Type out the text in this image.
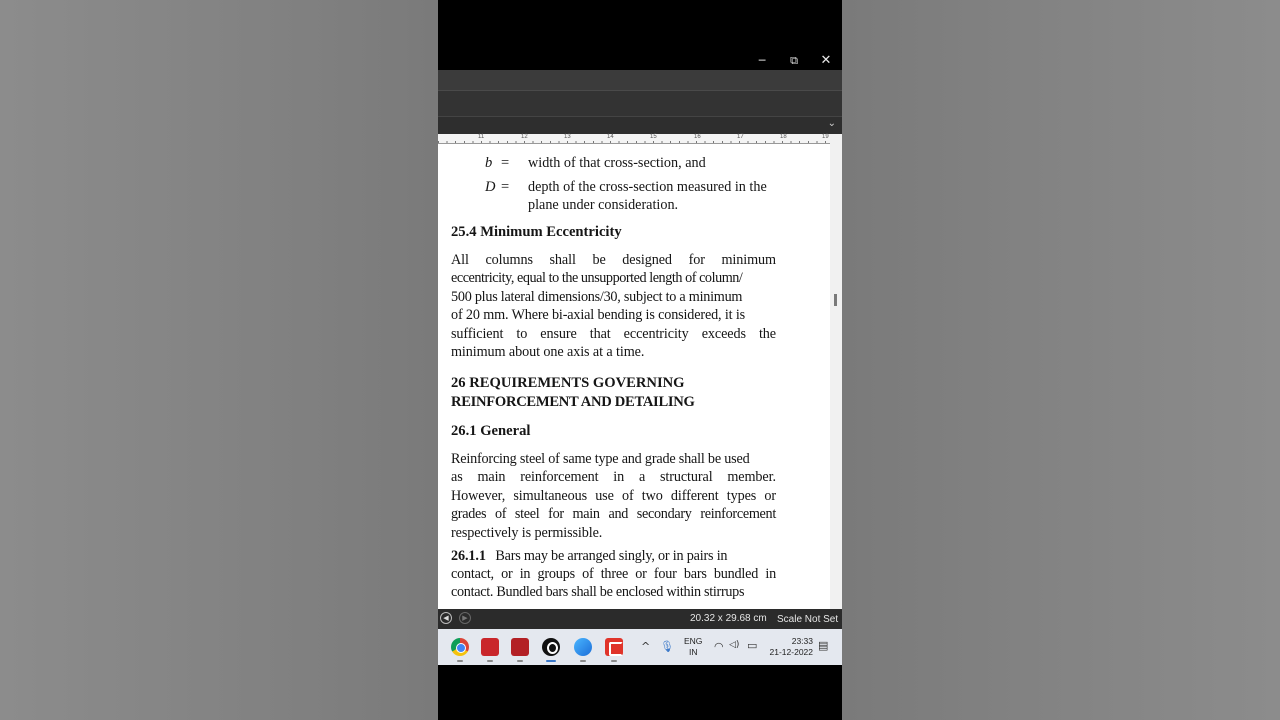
─	⧉	✕
⌄
11	12	13	14	15	16	17	18	19
b = width of that cross-section, and
D = depth of the cross-section measured in the
plane under consideration.
25.4 Minimum Eccentricity
All columns shall be designed for minimum
eccentricity, equal to the unsupported length of column/
500 plus lateral dimensions/30, subject to a minimum
of 20 mm. Where bi-axial bending is considered, it is
sufficient to ensure that eccentricity exceeds the
minimum about one axis at a time.
26 REQUIREMENTS GOVERNING
REINFORCEMENT AND DETAILING
26.1 General
Reinforcing steel of same type and grade shall be used
as main reinforcement in a structural member.
However, simultaneous use of two different types or
grades of steel for main and secondary reinforcement
respectively is permissible.
26.1.1 Bars may be arranged singly, or in pairs in
contact, or in groups of three or four bars bundled in
contact. Bundled bars shall be enclosed within stirrups
◀	▶	20.32 x 29.68 cm Scale Not Set
^ 🎙 ENG
IN	◠ ◁) ▭	23:33
21-12-2022 ▤
